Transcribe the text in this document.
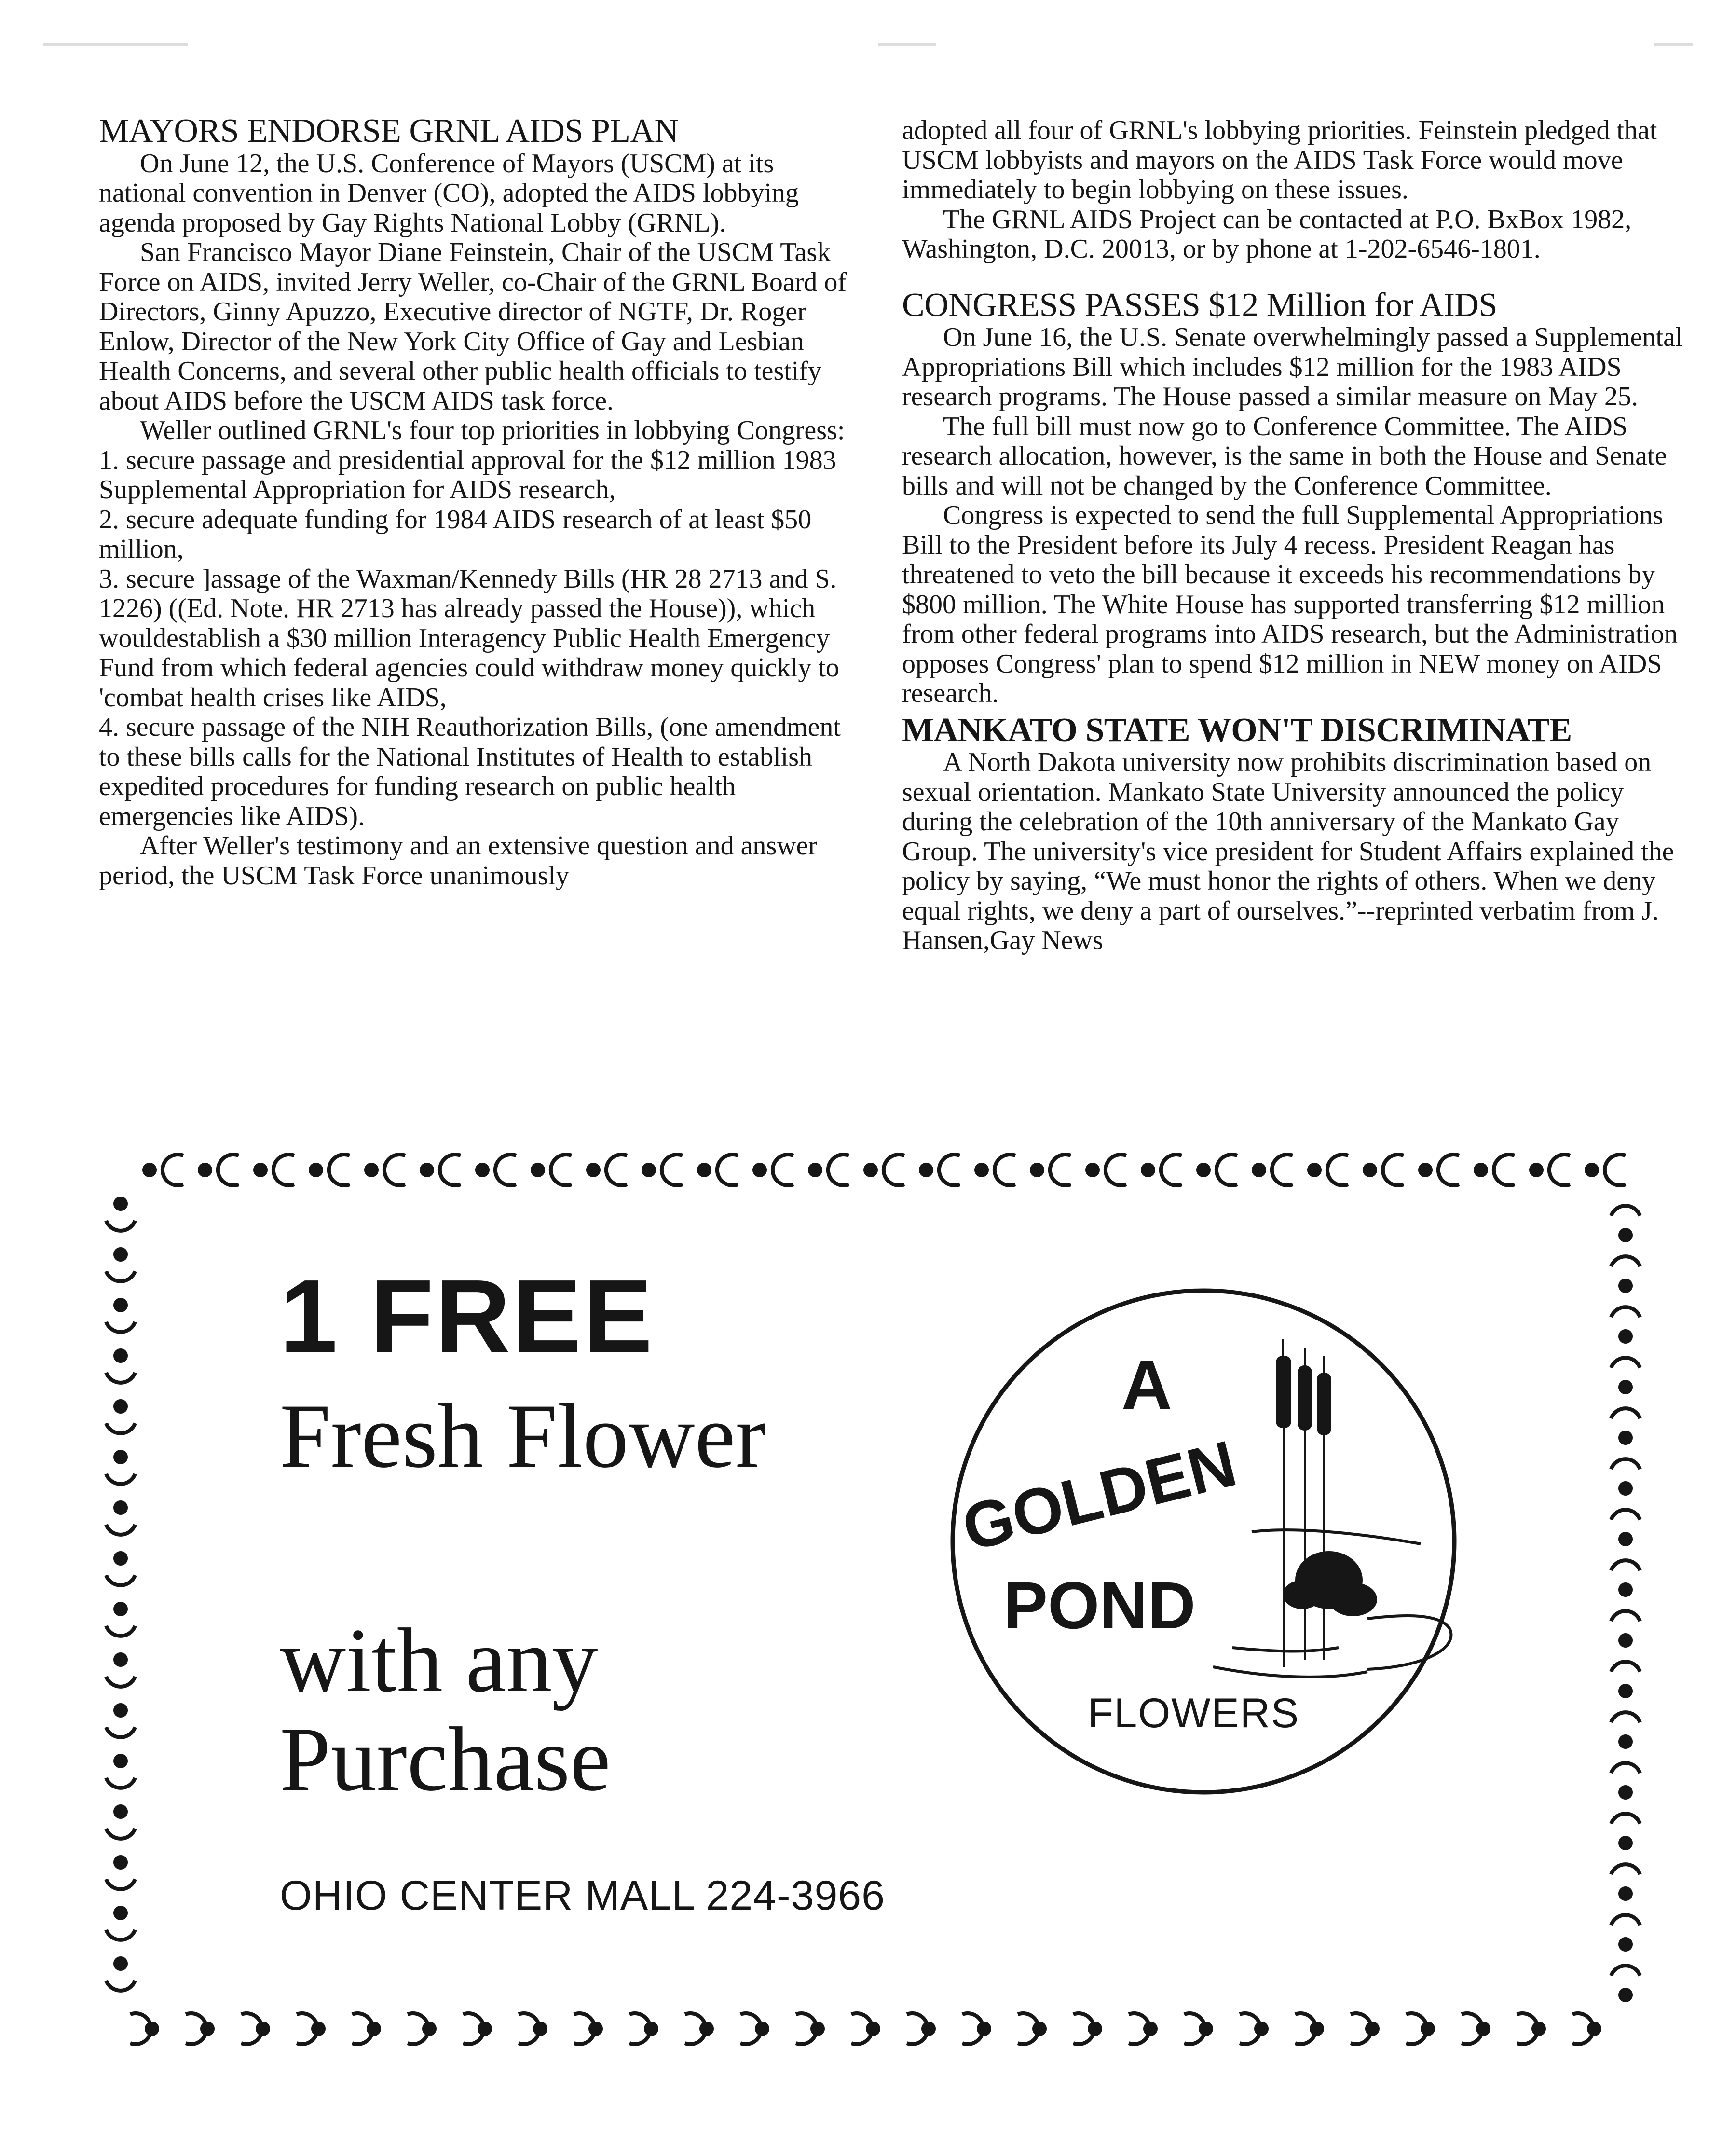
MAYORS ENDORSE GRNL AIDS PLAN

On June 12, the U.S. Conference of Mayors (USCM) at its national convention in Denver (CO), adopted the AIDS lobbying agenda proposed by Gay Rights National Lobby (GRNL).

San Francisco Mayor Diane Feinstein, Chair of the USCM Task Force on AIDS, invited Jerry Weller, co-Chair of the GRNL Board of Directors, Ginny Apuzzo, Executive director of NGTF, Dr. Roger Enlow, Director of the New York City Office of Gay and Lesbian Health Concerns, and several other public health officials to testify about AIDS before the USCM AIDS task force.

Weller outlined GRNL's four top priorities in lobbying Congress:

1. secure passage and presidential approval for the $12 million 1983 Supplemental Appropriation for AIDS research,

2. secure adequate funding for 1984 AIDS research of at least $50 million,

3. secure ]assage of the Waxman/Kennedy Bills (HR 28 2713 and S. 1226) ((Ed. Note. HR 2713 has already passed the House)), which wouldestablish a $30 million Interagency Public Health Emergency Fund from which federal agencies could withdraw money quickly to 'combat health crises like AIDS,

4. secure passage of the NIH Reauthorization Bills, (one amendment to these bills calls for the National Institutes of Health to establish expedited procedures for funding research on public health emergencies like AIDS).

After Weller's testimony and an extensive question and answer period, the USCM Task Force unanimously

adopted all four of GRNL's lobbying priorities. Feinstein pledged that USCM lobbyists and mayors on the AIDS Task Force would move immediately to begin lobbying on these issues.

The GRNL AIDS Project can be contacted at P.O. BxBox 1982, Washington, D.C. 20013, or by phone at 1-202-6546-1801.

CONGRESS PASSES $12 Million for AIDS

On June 16, the U.S. Senate overwhelmingly passed a Supplemental Appropriations Bill which includes $12 million for the 1983 AIDS research programs. The House passed a similar measure on May 25.

The full bill must now go to Conference Committee. The AIDS research allocation, however, is the same in both the House and Senate bills and will not be changed by the Conference Committee.

Congress is expected to send the full Supplemental Appropriations Bill to the President before its July 4 recess. President Reagan has threatened to veto the bill because it exceeds his recommendations by $800 million. The White House has supported transferring $12 million from other federal programs into AIDS research, but the Administration opposes Congress' plan to spend $12 million in NEW money on AIDS research.

MANKATO STATE WON'T DISCRIMINATE

A North Dakota university now prohibits discrimination based on sexual orientation. Mankato State University announced the policy during the celebration of the 10th anniversary of the Mankato Gay Group. The university's vice president for Student Affairs explained the policy by saying, “We must honor the rights of others. When we deny equal rights, we deny a part of ourselves.”--reprinted verbatim from J. Hansen,Gay News

1 FREE

Fresh Flower

with any

Purchase

OHIO CENTER MALL 224-3966
A
GOLDEN
POND
FLOWERS
